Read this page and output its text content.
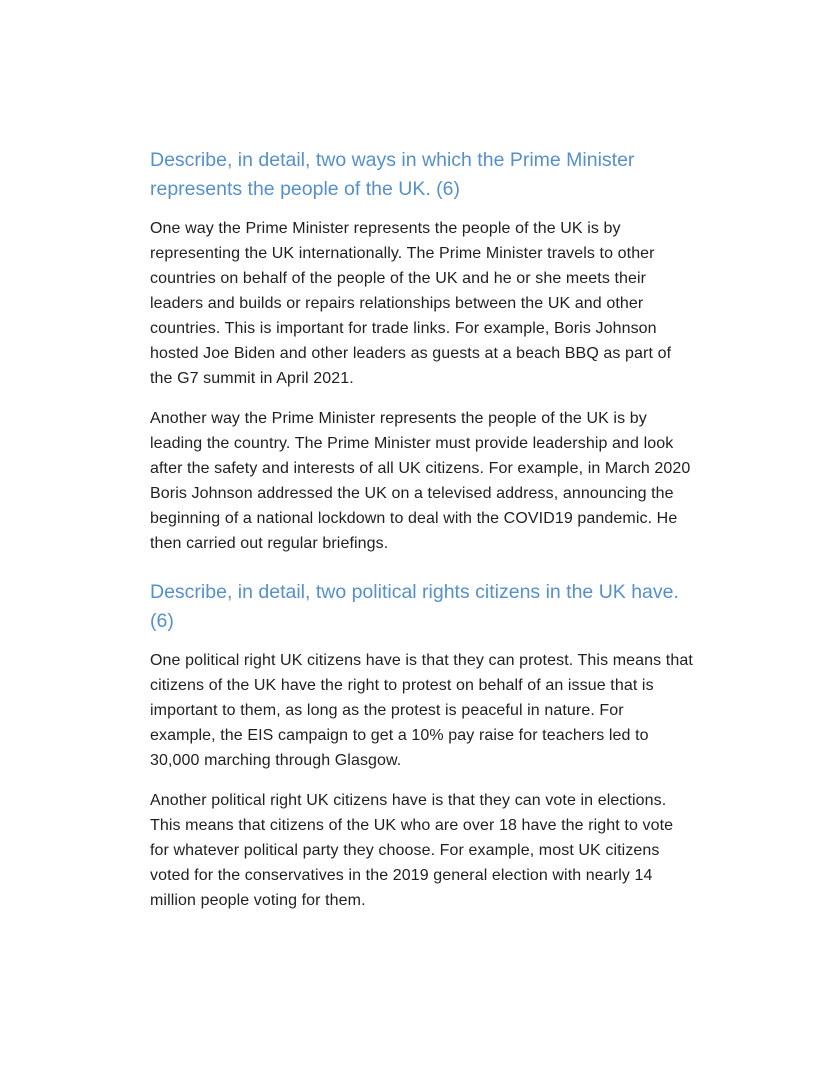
Describe, in detail, two ways in which the Prime Minister represents the people of the UK. (6)

One way the Prime Minister represents the people of the UK is by representing the UK internationally. The Prime Minister travels to other countries on behalf of the people of the UK and he or she meets their leaders and builds or repairs relationships between the UK and other countries. This is important for trade links. For example, Boris Johnson hosted Joe Biden and other leaders as guests at a beach BBQ as part of the G7 summit in April 2021.

Another way the Prime Minister represents the people of the UK is by leading the country. The Prime Minister must provide leadership and look after the safety and interests of all UK citizens. For example, in March 2020 Boris Johnson addressed the UK on a televised address, announcing the beginning of a national lockdown to deal with the COVID19 pandemic. He then carried out regular briefings.

Describe, in detail, two political rights citizens in the UK have. (6)

One political right UK citizens have is that they can protest. This means that citizens of the UK have the right to protest on behalf of an issue that is important to them, as long as the protest is peaceful in nature. For example, the EIS campaign to get a 10% pay raise for teachers led to 30,000 marching through Glasgow.

Another political right UK citizens have is that they can vote in elections. This means that citizens of the UK who are over 18 have the right to vote for whatever political party they choose. For example, most UK citizens voted for the conservatives in the 2019 general election with nearly 14 million people voting for them.
